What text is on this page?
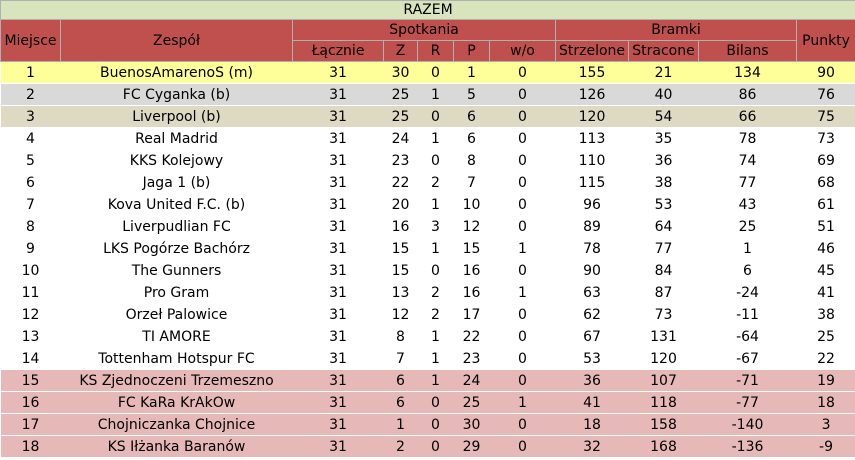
RAZEM										
Miejsce	Zespół	Spotkania					Bramki			Punkty
		Łącznie	Z	R	P	w/o	Strzelone	Stracone	Bilans	
1	BuenosAmarenoS (m)	31	30	0	1	0	155	21	134	90
2	FC Cyganka (b)	31	25	1	5	0	126	40	86	76
3	Liverpool (b)	31	25	0	6	0	120	54	66	75
4	Real Madrid	31	24	1	6	0	113	35	78	73
5	KKS Kolejowy	31	23	0	8	0	110	36	74	69
6	Jaga 1 (b)	31	22	2	7	0	115	38	77	68
7	Kova United F.C. (b)	31	20	1	10	0	96	53	43	61
8	Liverpudlian FC	31	16	3	12	0	89	64	25	51
9	LKS Pogórze Bachórz	31	15	1	15	1	78	77	1	46
10	The Gunners	31	15	0	16	0	90	84	6	45
11	Pro Gram	31	13	2	16	1	63	87	-24	41
12	Orzeł Palowice	31	12	2	17	0	62	73	-11	38
13	TI AMORE	31	8	1	22	0	67	131	-64	25
14	Tottenham Hotspur FC	31	7	1	23	0	53	120	-67	22
15	KS Zjednoczeni Trzemeszno	31	6	1	24	0	36	107	-71	19
16	FC KaRa KrAkOw	31	6	0	25	1	41	118	-77	18
17	Chojniczanka Chojnice	31	1	0	30	0	18	158	-140	3
18	KS Iłżanka Baranów	31	2	0	29	0	32	168	-136	-9
